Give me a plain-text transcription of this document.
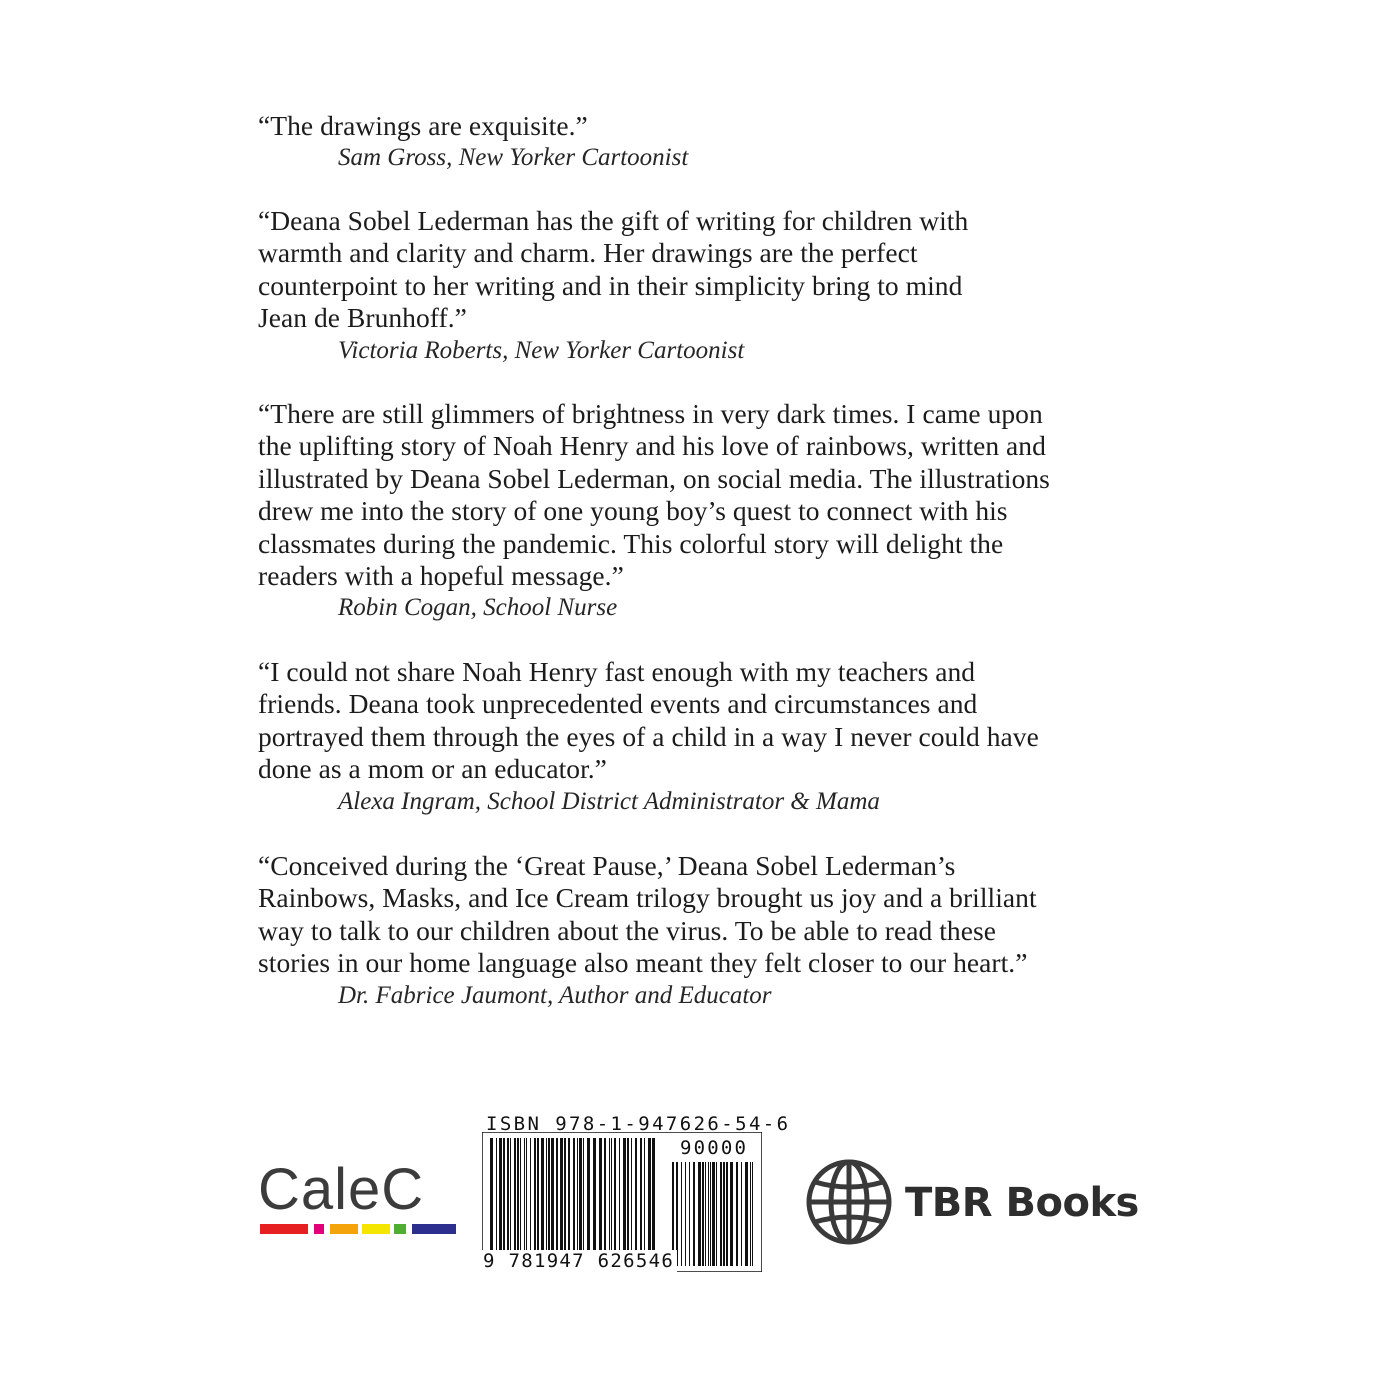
“The drawings are exquisite.”

Sam Gross, New Yorker Cartoonist

“Deana Sobel Lederman has the gift of writing for children with
warmth and clarity and charm. Her drawings are the perfect
counterpoint to her writing and in their simplicity bring to mind
Jean de Brunhoff.”

Victoria Roberts, New Yorker Cartoonist

“There are still glimmers of brightness in very dark times. I came upon
the uplifting story of Noah Henry and his love of rainbows, written and
illustrated by Deana Sobel Lederman, on social media. The illustrations
drew me into the story of one young boy’s quest to connect with his
classmates during the pandemic. This colorful story will delight the
readers with a hopeful message.”

Robin Cogan, School Nurse

“I could not share Noah Henry fast enough with my teachers and
friends. Deana took unprecedented events and circumstances and
portrayed them through the eyes of a child in a way I never could have
done as a mom or an educator.”

Alexa Ingram, School District Administrator & Mama

“Conceived during the ‘Great Pause,’ Deana Sobel Lederman’s
Rainbows, Masks, and Ice Cream trilogy brought us joy and a brilliant
way to talk to our children about the virus. To be able to read these
stories in our home language also meant they felt closer to our heart.”

Dr. Fabrice Jaumont, Author and Educator

CaleC
ISBN 978-1-947626-54-6
90000
9 781947 626546
TBR Books
